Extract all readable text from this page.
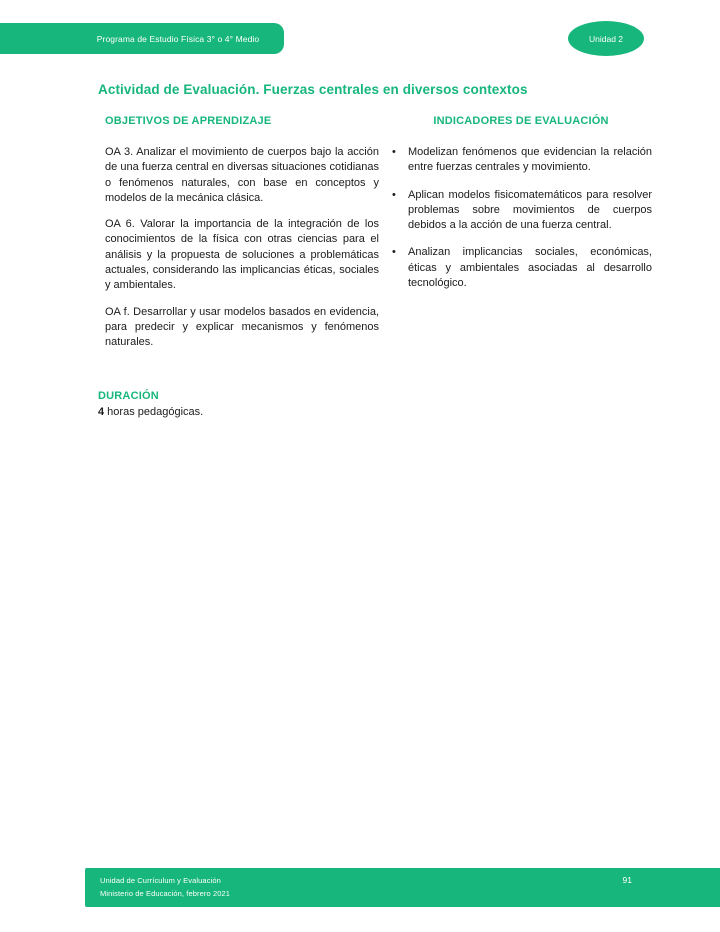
Programa de Estudio Física 3° o 4° Medio	Unidad 2
Actividad de Evaluación. Fuerzas centrales en diversos contextos
OBJETIVOS DE APRENDIZAJE

OA 3. Analizar el movimiento de cuerpos bajo la acción de una fuerza central en diversas situaciones cotidianas o fenómenos naturales, con base en conceptos y modelos de la mecánica clásica.

OA 6. Valorar la importancia de la integración de los conocimientos de la física con otras ciencias para el análisis y la propuesta de soluciones a problemáticas actuales, considerando las implicancias éticas, sociales y ambientales.

OA f. Desarrollar y usar modelos basados en evidencia, para predecir y explicar mecanismos y fenómenos naturales.

INDICADORES DE EVALUACIÓN
•	Modelizan fenómenos que evidencian la relación entre fuerzas centrales y movimiento.
•	Aplican modelos fisicomatemáticos para resolver problemas sobre movimientos de cuerpos debidos a la acción de una fuerza central.
•	Analizan implicancias sociales, económicas, éticas y ambientales asociadas al desarrollo tecnológico.
DURACIÓN

4 horas pedagógicas.

Unidad de Currículum y Evaluación
Ministerio de Educación, febrero 2021
91
